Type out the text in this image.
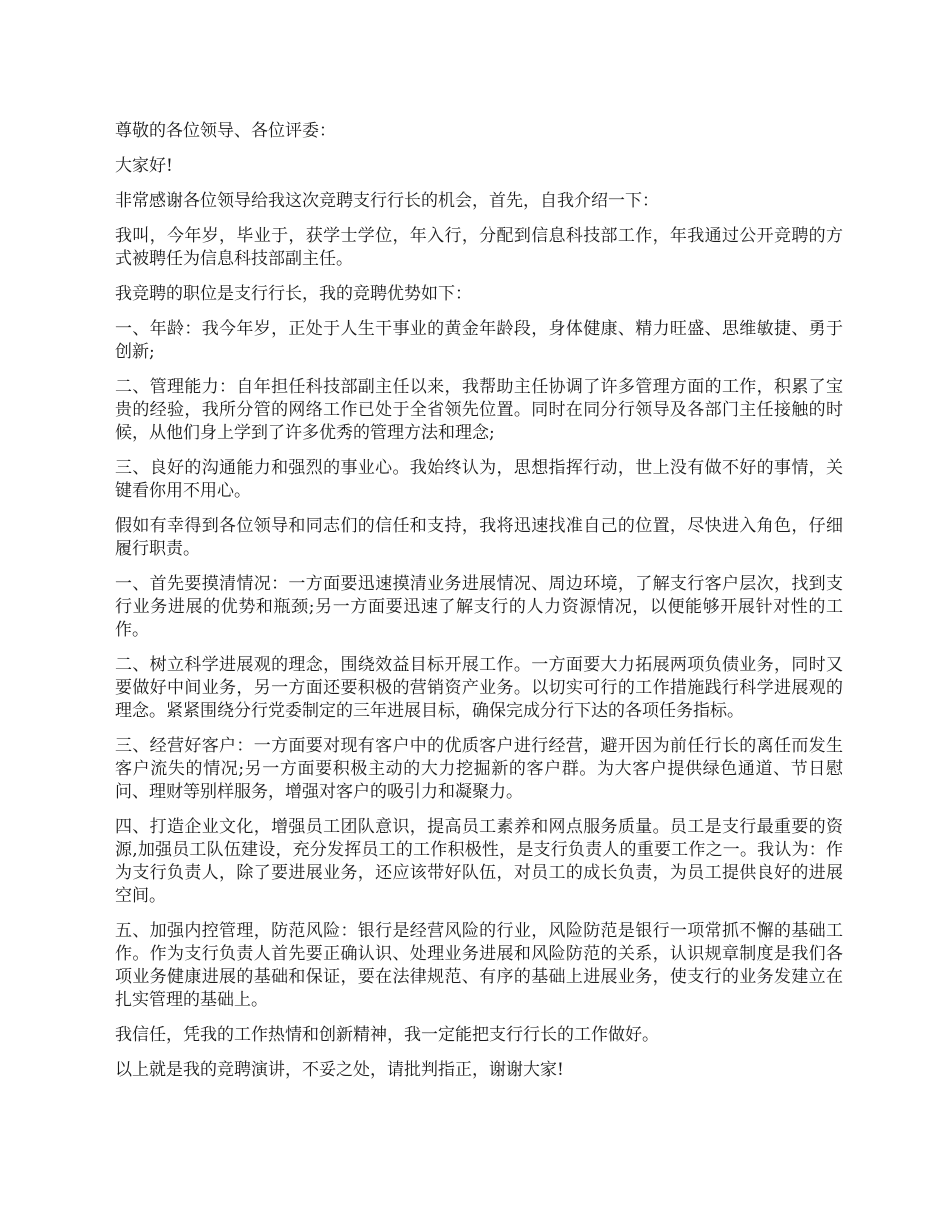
尊敬的各位领导、各位评委：

大家好!

非常感谢各位领导给我这次竞聘支行行长的机会，首先，自我介绍一下：

我叫，今年岁，毕业于，获学士学位，年入行，分配到信息科技部工作，年我通过公开竞聘的方式被聘任为信息科技部副主任。

我竞聘的职位是支行行长，我的竞聘优势如下：

一、年龄：我今年岁，正处于人生干事业的黄金年龄段，身体健康、精力旺盛、思维敏捷、勇于创新;

二、管理能力：自年担任科技部副主任以来，我帮助主任协调了许多管理方面的工作，积累了宝贵的经验，我所分管的网络工作已处于全省领先位置。同时在同分行领导及各部门主任接触的时候，从他们身上学到了许多优秀的管理方法和理念;

三、良好的沟通能力和强烈的事业心。我始终认为，思想指挥行动，世上没有做不好的事情，关键看你用不用心。

假如有幸得到各位领导和同志们的信任和支持，我将迅速找准自己的位置，尽快进入角色，仔细履行职责。

一、首先要摸清情况：一方面要迅速摸清业务进展情况、周边环境，了解支行客户层次，找到支行业务进展的优势和瓶颈;另一方面要迅速了解支行的人力资源情况，以便能够开展针对性的工作。

二、树立科学进展观的理念，围绕效益目标开展工作。一方面要大力拓展两项负债业务，同时又要做好中间业务，另一方面还要积极的营销资产业务。以切实可行的工作措施践行科学进展观的理念。紧紧围绕分行党委制定的三年进展目标，确保完成分行下达的各项任务指标。

三、经营好客户：一方面要对现有客户中的优质客户进行经营，避开因为前任行长的离任而发生客户流失的情况;另一方面要积极主动的大力挖掘新的客户群。为大客户提供绿色通道、节日慰问、理财等别样服务，增强对客户的吸引力和凝聚力。

四、打造企业文化，增强员工团队意识，提高员工素养和网点服务质量。员工是支行最重要的资源,加强员工队伍建设，充分发挥员工的工作积极性，是支行负责人的重要工作之一。我认为：作为支行负责人，除了要进展业务，还应该带好队伍，对员工的成长负责，为员工提供良好的进展空间。

五、加强内控管理，防范风险：银行是经营风险的行业，风险防范是银行一项常抓不懈的基础工作。作为支行负责人首先要正确认识、处理业务进展和风险防范的关系，认识规章制度是我们各项业务健康进展的基础和保证，要在法律规范、有序的基础上进展业务，使支行的业务发建立在扎实管理的基础上。

我信任，凭我的工作热情和创新精神，我一定能把支行行长的工作做好。

以上就是我的竞聘演讲，不妥之处，请批判指正，谢谢大家!
